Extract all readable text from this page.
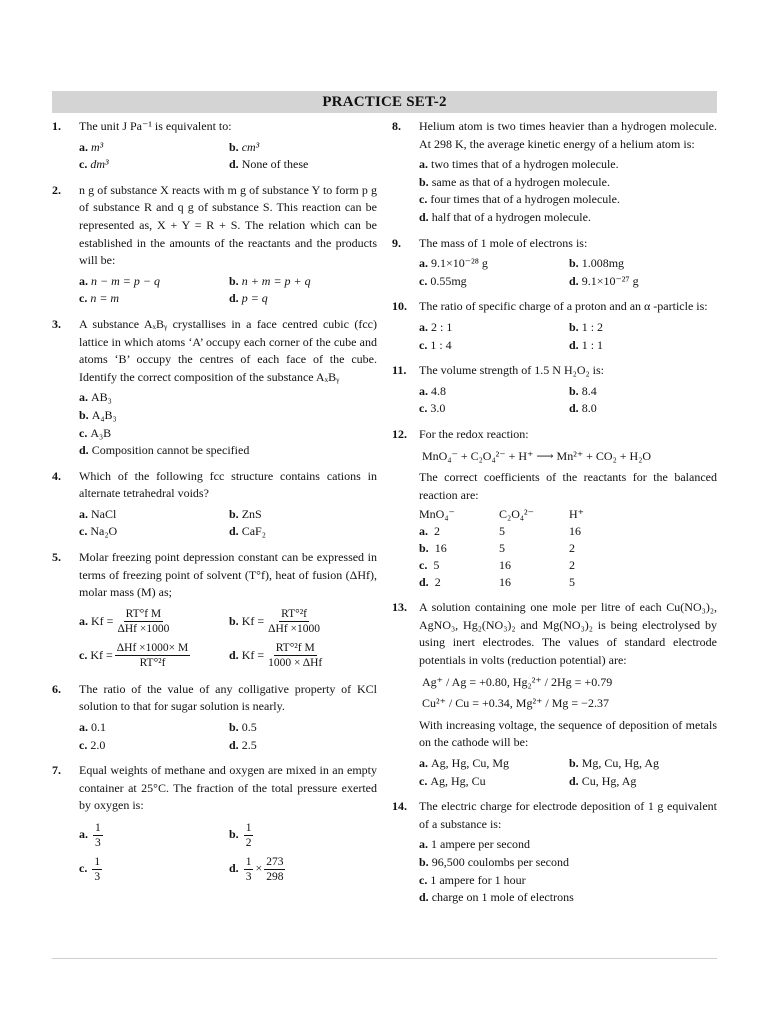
PRACTICE SET-2
1. The unit J Pa⁻¹ is equivalent to:
a. m³	b. cm³
c. dm³	d. None of these
2. n g of substance X reacts with m g of substance Y to form p g of substance R and q g of substance S. This reaction can be represented as, X + Y = R + S. The relation which can be established in the amounts of the reactants and the products will be:
a. n − m = p − q	b. n + m = p + q
c. n = m	d. p = q
3. A substance AₓBᵧ crystallises in a face centred cubic (fcc) lattice in which atoms ‘A’ occupy each corner of the cube and atoms ‘B’ occupy the centres of each face of the cube. Identify the correct composition of the substance AₓBᵧ
a. AB₃
b. A₄B₃
c. A₃B
d. Composition cannot be specified
4. Which of the following fcc structure contains cations in alternate tetrahedral voids?
a. NaCl	b. ZnS
c. Na₂O	d. CaF₂
5. Molar freezing point depression constant can be expressed in terms of freezing point of solvent (T°f), heat of fusion (ΔHf), molar mass (M) as;
a. $Kf = \frac{\text{RT°f M}}{\text{ΔHf ×1000}}$	b. $Kf = \frac{\text{RT°²f}}{\text{ΔHf ×1000}}$
c. $Kf = \frac{\text{ΔHf ×1000× M}}{\text{RT°²f}}$	d. $Kf = \frac{\text{RT°²f M}}{\text{1000 × ΔHf}}$
6. The ratio of the value of any colligative property of KCl solution to that for sugar solution is nearly.
a. 0.1	b. 0.5
c. 2.0	d. 2.5
7. Equal weights of methane and oxygen are mixed in an empty container at 25°C. The fraction of the total pressure exerted by oxygen is:
a. $\frac{1}{3}$	b. $\frac{1}{2}$
c. $\frac{1}{3}$	d. $\frac{1}{3} \times \frac{273}{298}$
8. Helium atom is two times heavier than a hydrogen molecule. At 298 K, the average kinetic energy of a helium atom is:
a. two times that of a hydrogen molecule.
b. same as that of a hydrogen molecule.
c. four times that of a hydrogen molecule.
d. half that of a hydrogen molecule.
9. The mass of 1 mole of electrons is:
a. 9.1×10⁻²⁸ g	b. 1.008mg
c. 0.55mg	d. 9.1×10⁻²⁷ g
10. The ratio of specific charge of a proton and an α -particle is:
a. 2 : 1	b. 1 : 2
c. 1 : 4	d. 1 : 1
11. The volume strength of 1.5 N H₂O₂ is:
a. 4.8	b. 8.4
c. 3.0	d. 8.0
12. For the redox reaction:
MnO₄⁻ + C₂O₄²⁻ + H⁺ ⟶ Mn²⁺ + CO₂ + H₂O
The correct coefficients of the reactants for the balanced reaction are:
MnO₄⁻	C₂O₄²⁻	H⁺
a. 2	5	16
b. 16	5	2
c. 5	16	2
d. 2	16	5
13. A solution containing one mole per litre of each Cu(NO₃)₂, AgNO₃, Hg₂(NO₃)₂ and Mg(NO₃)₂ is being electrolysed by using inert electrodes. The values of standard electrode potentials in volts (reduction potential) are:
Ag⁺ / Ag = +0.80, Hg₂²⁺ / 2Hg = +0.79
Cu²⁺ / Cu = +0.34, Mg²⁺ / Mg = −2.37
With increasing voltage, the sequence of deposition of metals on the cathode will be:
a. Ag, Hg, Cu, Mg	b. Mg, Cu, Hg, Ag
c. Ag, Hg, Cu	d. Cu, Hg, Ag
14. The electric charge for electrode deposition of 1 g equivalent of a substance is:
a. 1 ampere per second
b. 96,500 coulombs per second
c. 1 ampere for 1 hour
d. charge on 1 mole of electrons
